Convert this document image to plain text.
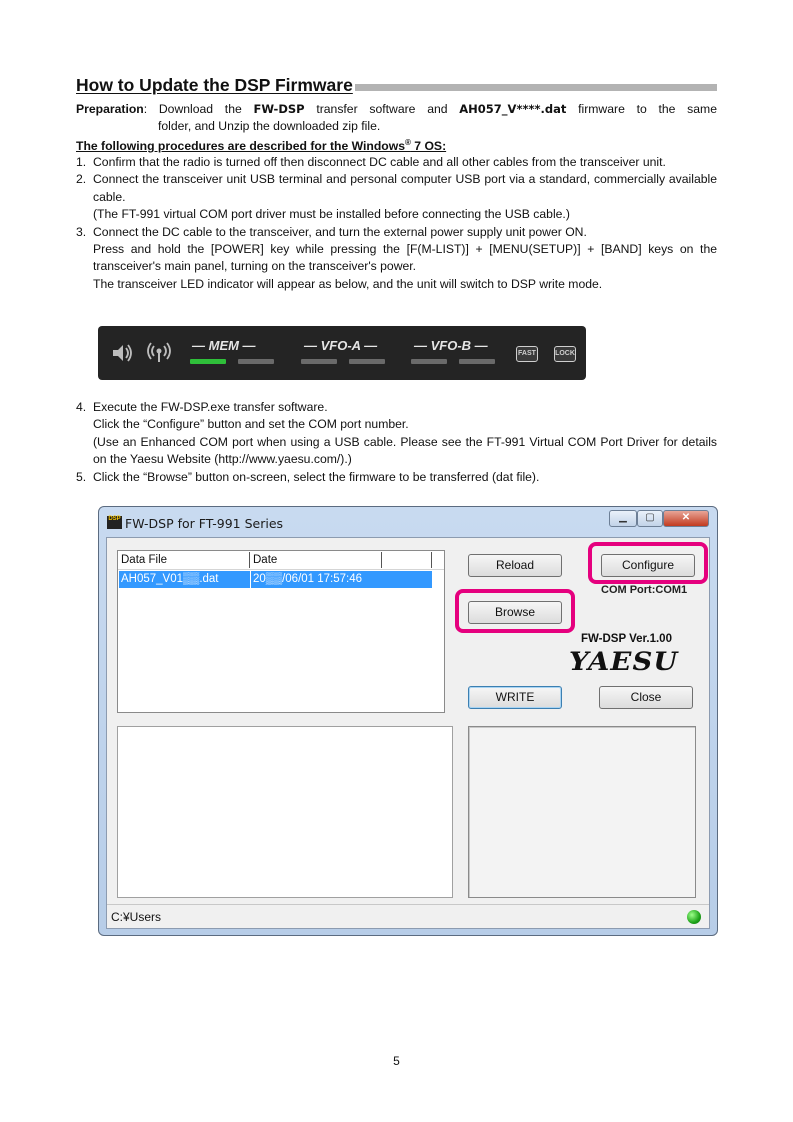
How to Update the DSP Firmware
Preparation: Download the FW-DSP transfer software and AH057_V****.dat firmware to the same
folder, and Unzip the downloaded zip file.
The following procedures are described for the Windows® 7 OS:
1. Confirm that the radio is turned off then disconnect DC cable and all other cables from the transceiver unit.
2. Connect the transceiver unit USB terminal and personal computer USB port via a standard, commercially available cable.
(The FT-991 virtual COM port driver must be installed before connecting the USB cable.)
3. Connect the DC cable to the transceiver, and turn the external power supply unit power ON.
Press and hold the [POWER] key while pressing the [F(M-LIST)] + [MENU(SETUP)] + [BAND] keys on the transceiver's main panel, turning on the transceiver's power.
The transceiver LED indicator will appear as below, and the unit will switch to DSP write mode.
— MEM —	— VFO-A —	— VFO-B —
FAST	LOCK
4. Execute the FW-DSP.exe transfer software.
Click the “Configure” button and set the COM port number.
(Use an Enhanced COM port when using a USB cable. Please see the FT-991 Virtual COM Port Driver for details on the Yaesu Website (http://www.yaesu.com/).)
5. Click the “Browse” button on-screen, select the firmware to be transferred (dat file).
DSP FW-DSP for FT-991 Series	▁	▢	✕
Data File	Date
AH057_V01▒▒.dat	20▒▒/06/01 17:57:46
Reload	Configure
COM Port:COM1
Browse
FW-DSP Ver.1.00
YAESU
WRITE	Close
C:¥Users
5
